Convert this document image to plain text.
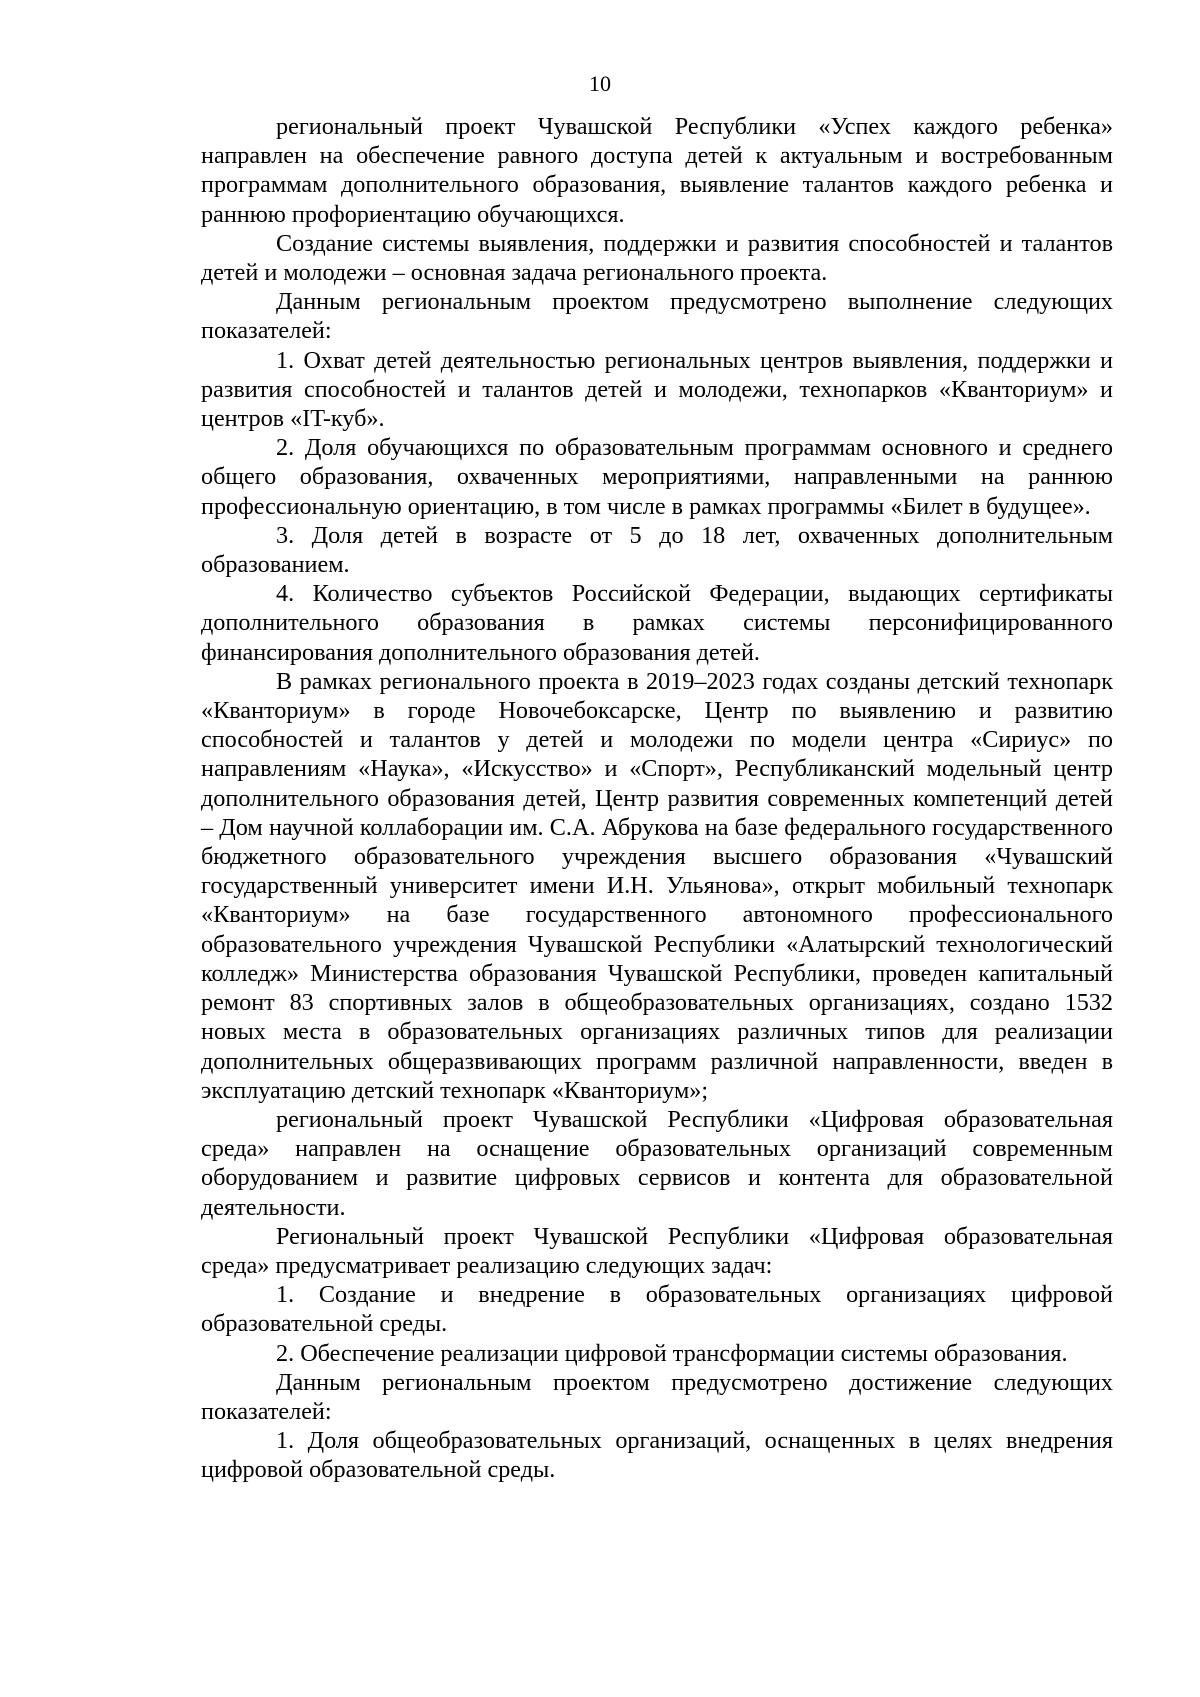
10

региональный проект Чувашской Республики «Успех каждого ребенка» направлен на обеспечение равного доступа детей к актуальным и востребованным программам дополнительного образования, выявление талантов каждого ребенка и раннюю профориентацию обучающихся.

Создание системы выявления, поддержки и развития способностей и талантов детей и молодежи – основная задача регионального проекта.

Данным региональным проектом предусмотрено выполнение следующих показателей:

1. Охват детей деятельностью региональных центров выявления, поддержки и развития способностей и талантов детей и молодежи, технопарков «Кванториум» и центров «IT-куб».

2. Доля обучающихся по образовательным программам основного и среднего общего образования, охваченных мероприятиями, направленными на раннюю профессиональную ориентацию, в том числе в рамках программы «Билет в будущее».

3. Доля детей в возрасте от 5 до 18 лет, охваченных дополнительным образованием.

4. Количество субъектов Российской Федерации, выдающих сертификаты дополнительного образования в рамках системы персонифицированного финансирования дополнительного образования детей.

В рамках регионального проекта в 2019–2023 годах созданы детский технопарк «Кванториум» в городе Новочебоксарске, Центр по выявлению и развитию способностей и талантов у детей и молодежи по модели центра «Сириус» по направлениям «Наука», «Искусство» и «Спорт», Республиканский модельный центр дополнительного образования детей, Центр развития современных компетенций детей – Дом научной коллаборации им. С.А. Абрукова на базе федерального государственного бюджетного образовательного учреждения высшего образования «Чувашский государственный университет имени И.Н. Ульянова», открыт мобильный технопарк «Кванториум» на базе государственного автономного профессионального образовательного учреждения Чувашской Республики «Алатырский технологический колледж» Министерства образования Чувашской Республики, проведен капитальный ремонт 83 спортивных залов в общеобразовательных организациях, создано 1532 новых места в образовательных организациях различных типов для реализации дополнительных общеразвивающих программ различной направленности, введен в эксплуатацию детский технопарк «Кванториум»;

региональный проект Чувашской Республики «Цифровая образовательная среда» направлен на оснащение образовательных организаций современным оборудованием и развитие цифровых сервисов и контента для образовательной деятельности.

Региональный проект Чувашской Республики «Цифровая образовательная среда» предусматривает реализацию следующих задач:

1. Создание и внедрение в образовательных организациях цифровой образовательной среды.

2. Обеспечение реализации цифровой трансформации системы образования.

Данным региональным проектом предусмотрено достижение следующих показателей:

1. Доля общеобразовательных организаций, оснащенных в целях внедрения цифровой образовательной среды.
